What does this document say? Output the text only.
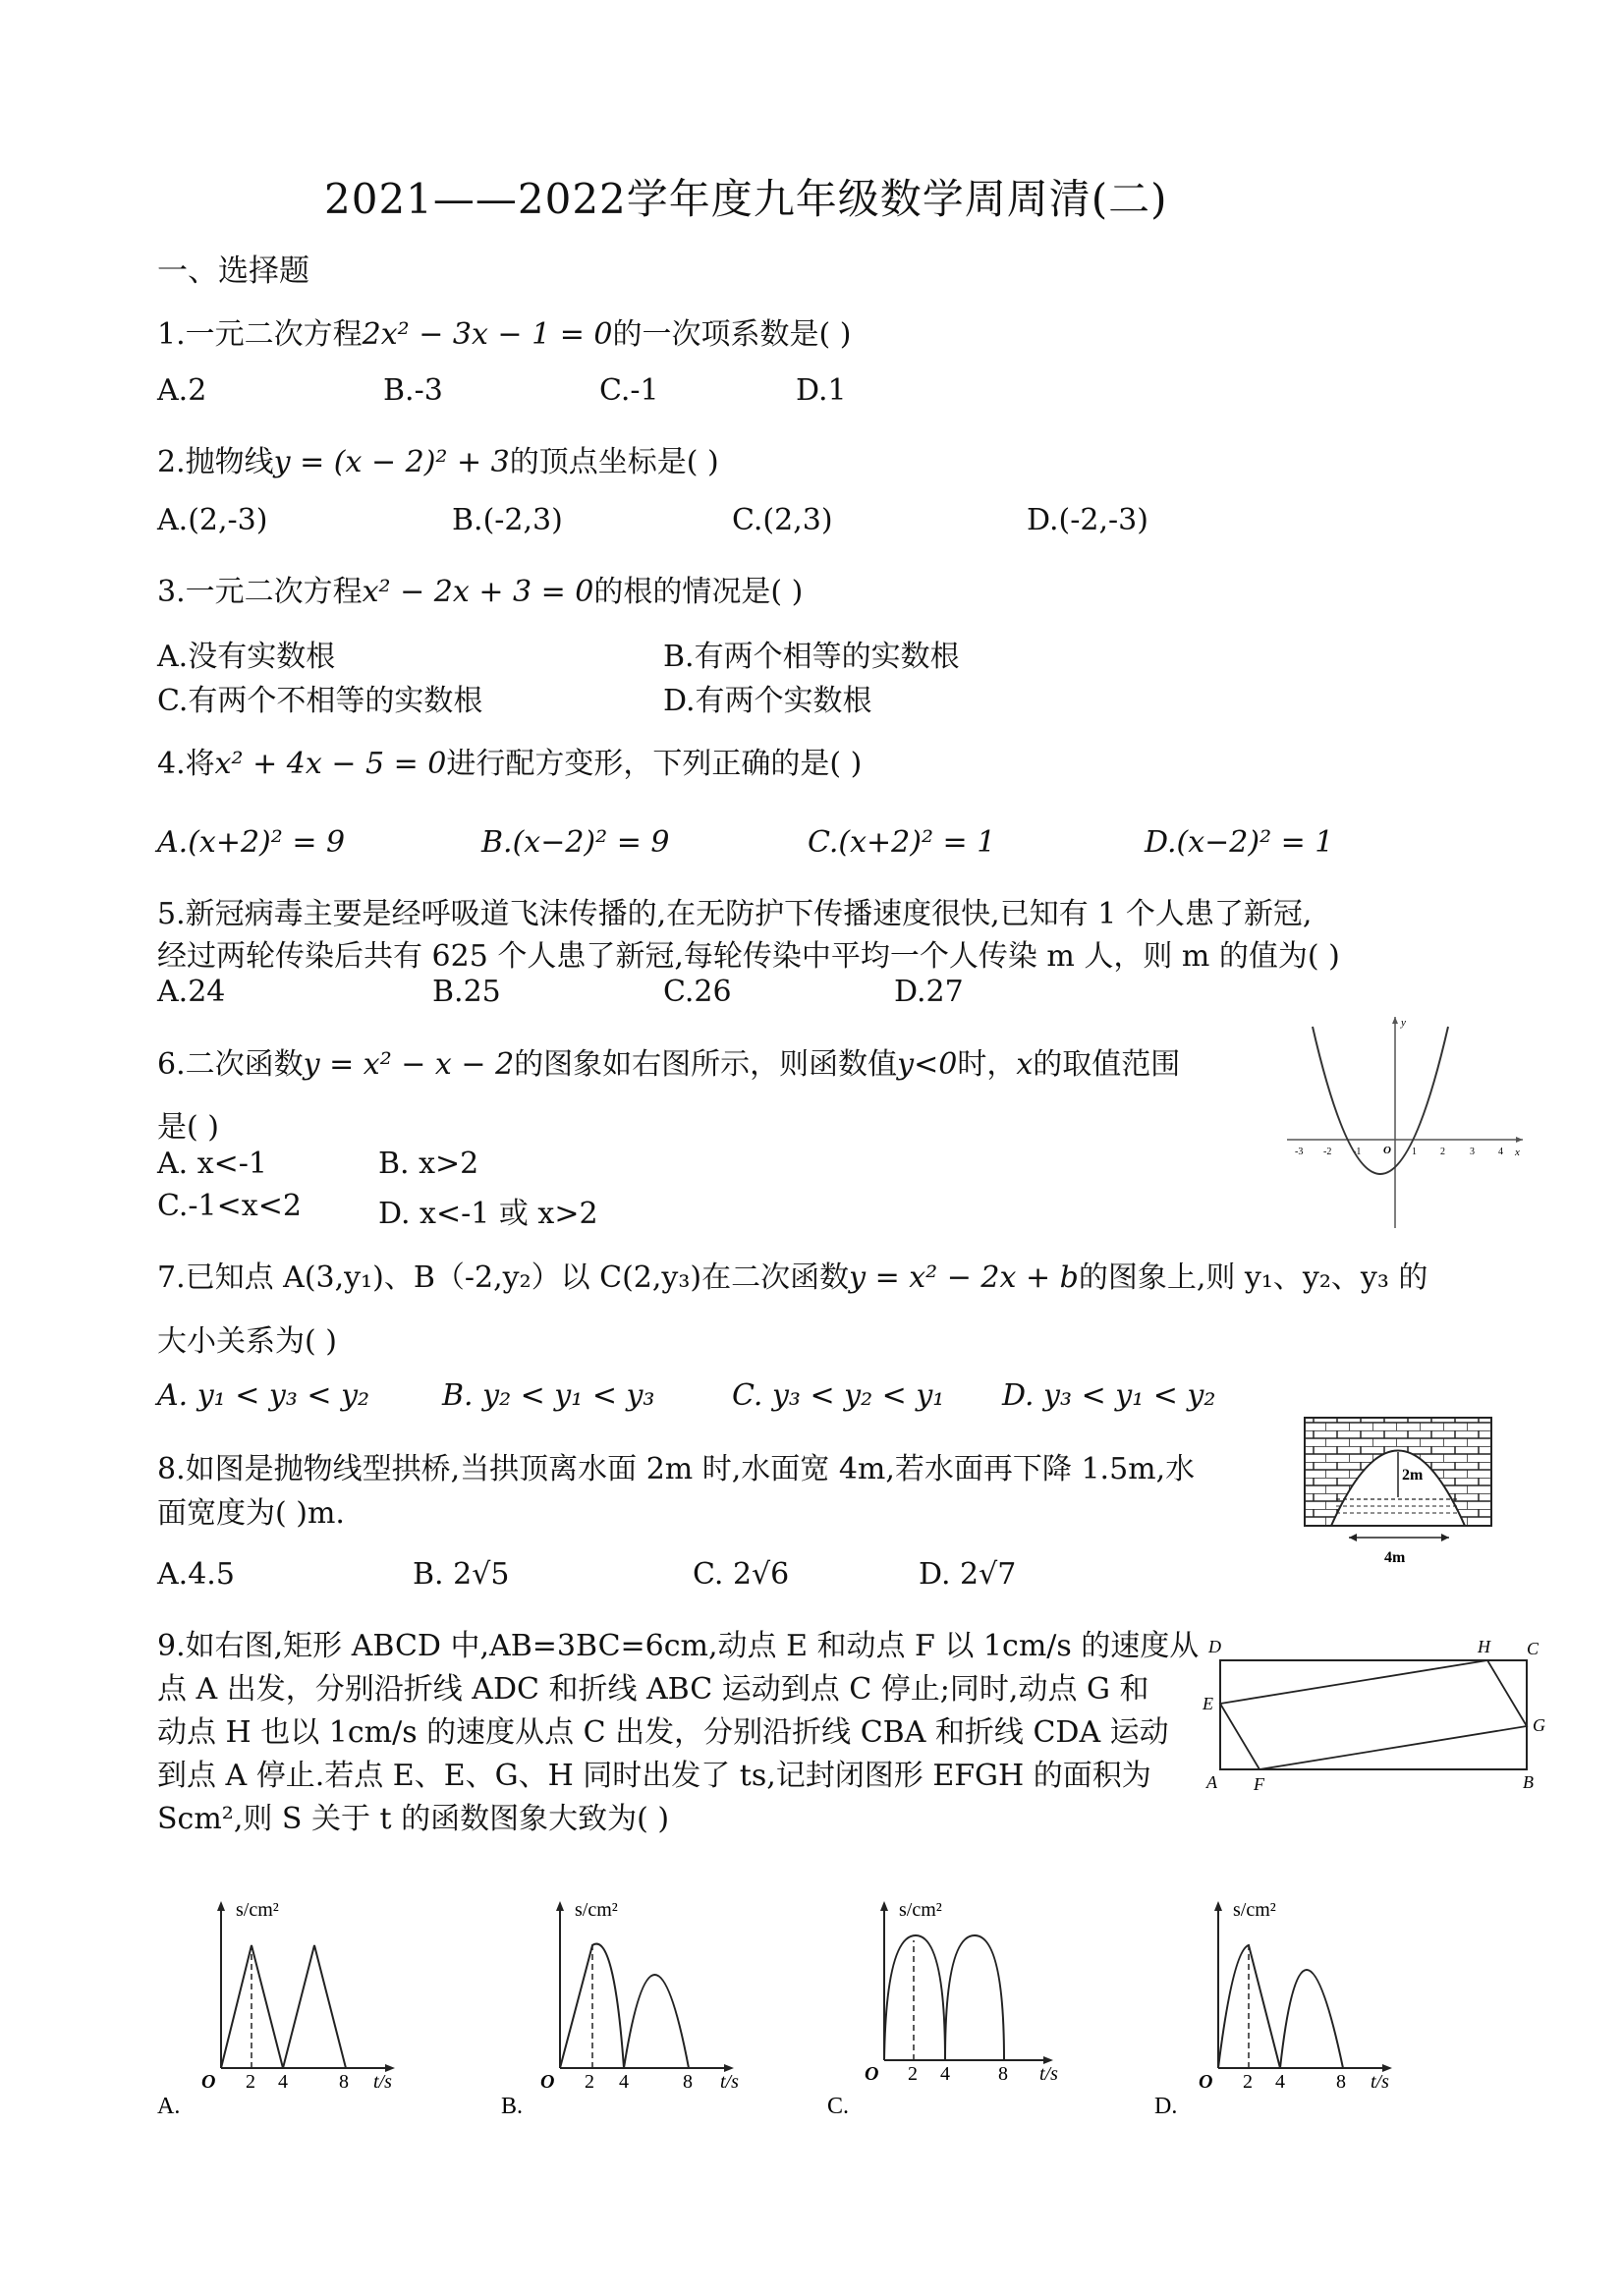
2021——2022学年度九年级数学周周清(二)
一、选择题
1.一元二次方程2x² − 3x − 1 = 0的一次项系数是( )
A.2	B.-3	C.-1	D.1
2.抛物线y = (x − 2)² + 3的顶点坐标是( )
A.(2,-3)	B.(-2,3)	C.(2,3)	D.(-2,-3)
3.一元二次方程x² − 2x + 3 = 0的根的情况是( )
A.没有实数根	B.有两个相等的实数根
C.有两个不相等的实数根	D.有两个实数根
4.将x² + 4x − 5 = 0进行配方变形，下列正确的是( )
A.(x+2)² = 9	B.(x−2)² = 9	C.(x+2)² = 1	D.(x−2)² = 1
5.新冠病毒主要是经呼吸道飞沫传播的,在无防护下传播速度很快,已知有 1 个人患了新冠,
经过两轮传染后共有 625 个人患了新冠,每轮传染中平均一个人传染 m 人，则 m 的值为( )
A.24	B.25	C.26	D.27
6.二次函数y = x² − x − 2的图象如右图所示，则函数值y<0时，x的取值范围
是( )
A. x<-1	B. x>2
C.-1<x<2	D. x<-1 或 x>2
y
x
O
-3 -2 -1	1 2	3 4
7.已知点 A(3,y₁)、B（-2,y₂）以 C(2,y₃)在二次函数y = x² − 2x + b的图象上,则 y₁、y₂、y₃ 的
大小关系为( )
A. y₁ < y₃ < y₂ B. y₂ < y₁ < y₃	C. y₃ < y₂ < y₁ D. y₃ < y₁ < y₂
8.如图是抛物线型拱桥,当拱顶离水面 2m 时,水面宽 4m,若水面再下降 1.5m,水
面宽度为( )m.
A.4.5	B. 2√5	C. 2√6	D. 2√7
2m
4m
9.如右图,矩形 ABCD 中,AB=3BC=6cm,动点 E 和动点 F 以 1cm/s 的速度从
点 A 出发，分别沿折线 ADC 和折线 ABC 运动到点 C 停止;同时,动点 G 和
动点 H 也以 1cm/s 的速度从点 C 出发，分别沿折线 CBA 和折线 CDA 运动
到点 A 停止.若点 E、E、G、H 同时出发了 ts,记封闭图形 EFGH 的面积为
Scm²,则 S 关于 t 的函数图象大致为( )
D	H C
E
G
A F	B
s/cm²
t/s
O 2 4	8
A.
s/cm²
t/s
O 2 4	8
B.
s/cm²
t/s
O 2 4 8
C.
s/cm²
t/s
O 2 4	8
D.
